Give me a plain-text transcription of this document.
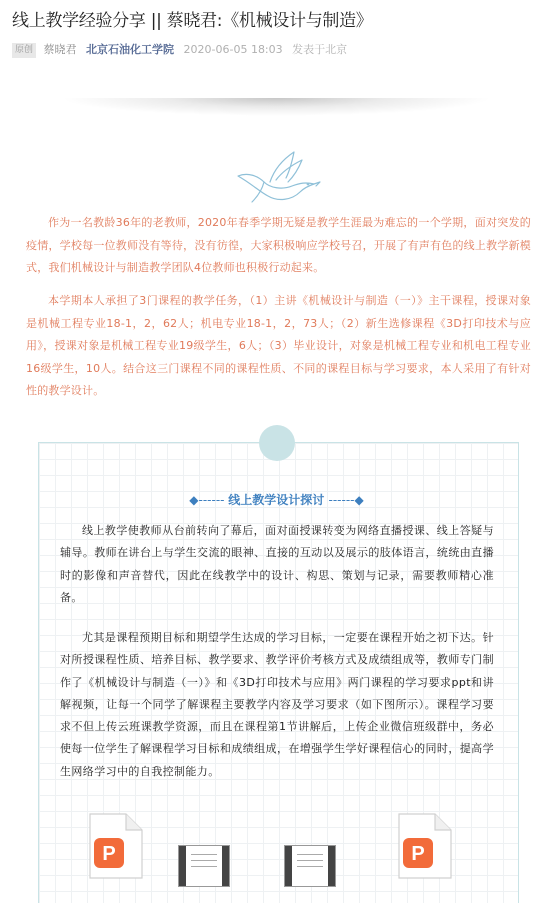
线上教学经验分享 || 蔡晓君:《机械设计与制造》
原创 蔡晓君 北京石油化工学院 2020-06-05 18:03 发表于北京

作为一名教龄36年的老教师，2020年春季学期无疑是教学生涯最为难忘的一个学期，面对突发的疫情，学校每一位教师没有等待，没有彷徨，大家积极响应学校号召，开展了有声有色的线上教学新模式，我们机械设计与制造教学团队4位教师也积极行动起来。

本学期本人承担了3门课程的教学任务，（1）主讲《机械设计与制造（一）》主干课程，授课对象是机械工程专业18-1，2，62人；机电专业18-1，2，73人；（2）新生选修课程《3D打印技术与应用》，授课对象是机械工程专业19级学生，6人；（3）毕业设计，对象是机械工程专业和机电工程专业16级学生，10人。结合这三门课程不同的课程性质、不同的课程目标与学习要求，本人采用了有针对性的教学设计。

◆------ 线上教学设计探讨 ------◆

线上教学使教师从台前转向了幕后，面对面授课转变为网络直播授课、线上答疑与辅导。教师在讲台上与学生交流的眼神、直接的互动以及展示的肢体语言，统统由直播时的影像和声音替代，因此在线教学中的设计、构思、策划与记录，需要教师精心准备。

尤其是课程预期目标和期望学生达成的学习目标，一定要在课程开始之初下达。针对所授课程性质、培养目标、教学要求、教学评价考核方式及成绩组成等，教师专门制作了《机械设计与制造（一）》和《3D打印技术与应用》两门课程的学习要求ppt和讲解视频，让每一个同学了解课程主要教学内容及学习要求（如下图所示）。课程学习要求不但上传云班课教学资源，而且在课程第1节讲解后，上传企业微信班级群中，务必使每一位学生了解课程学习目标和成绩组成，在增强学生学好课程信心的同时，提高学生网络学习中的自我控制能力。

P	P
